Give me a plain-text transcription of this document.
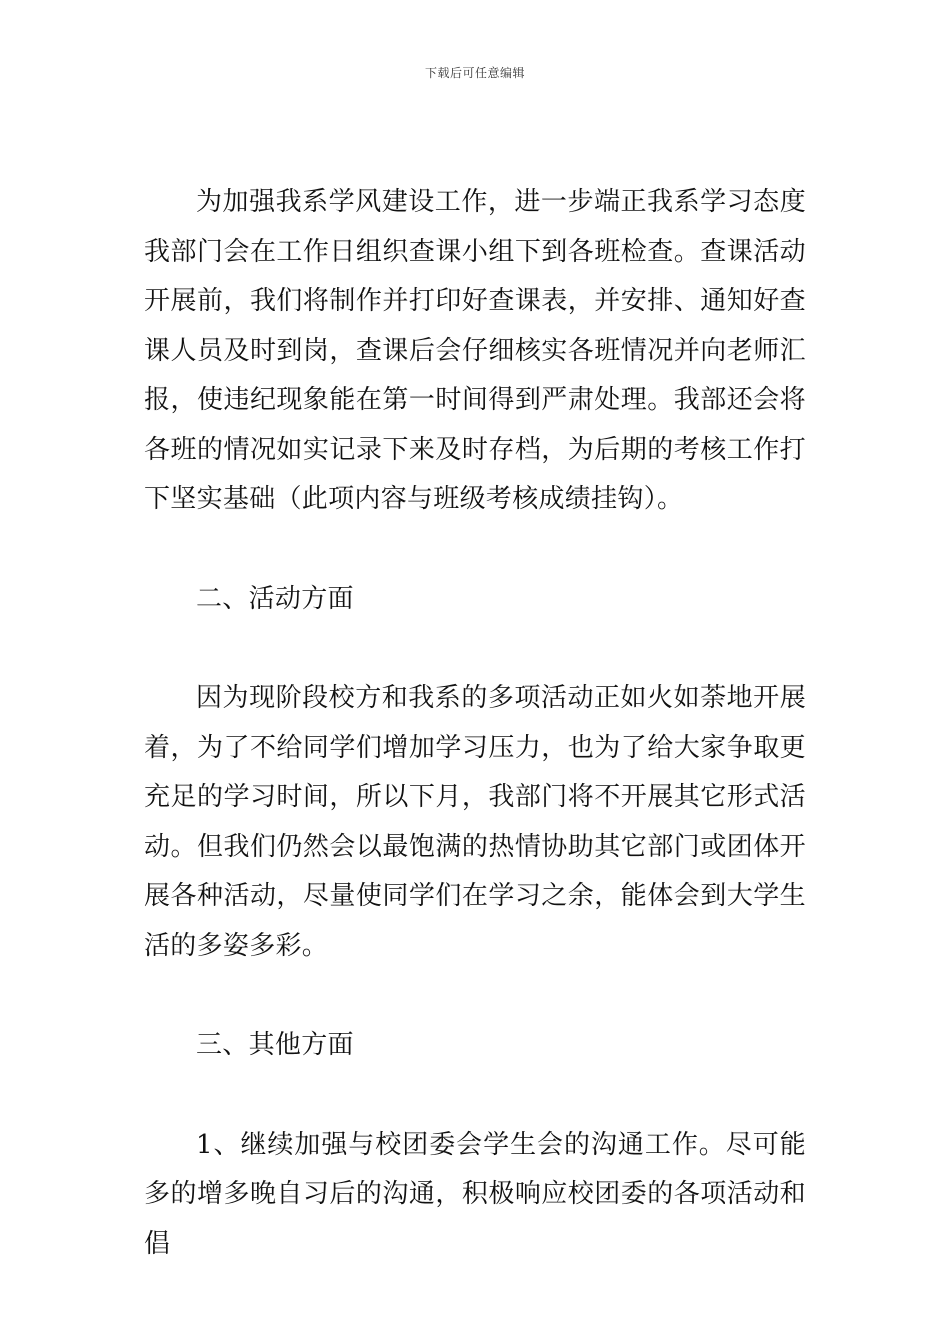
下载后可任意编辑

为加强我系学风建设工作，进一步端正我系学习态度我部门会在工作日组织查课小组下到各班检查。查课活动开展前，我们将制作并打印好查课表，并安排、通知好查课人员及时到岗，查课后会仔细核实各班情况并向老师汇报，使违纪现象能在第一时间得到严肃处理。我部还会将各班的情况如实记录下来及时存档，为后期的考核工作打下坚实基础（此项内容与班级考核成绩挂钩）。

二、活动方面

因为现阶段校方和我系的多项活动正如火如荼地开展着，为了不给同学们增加学习压力，也为了给大家争取更充足的学习时间，所以下月，我部门将不开展其它形式活动。但我们仍然会以最饱满的热情协助其它部门或团体开展各种活动，尽量使同学们在学习之余，能体会到大学生活的多姿多彩。

三、其他方面

1、继续加强与校团委会学生会的沟通工作。尽可能多的增多晚自习后的沟通，积极响应校团委的各项活动和倡
